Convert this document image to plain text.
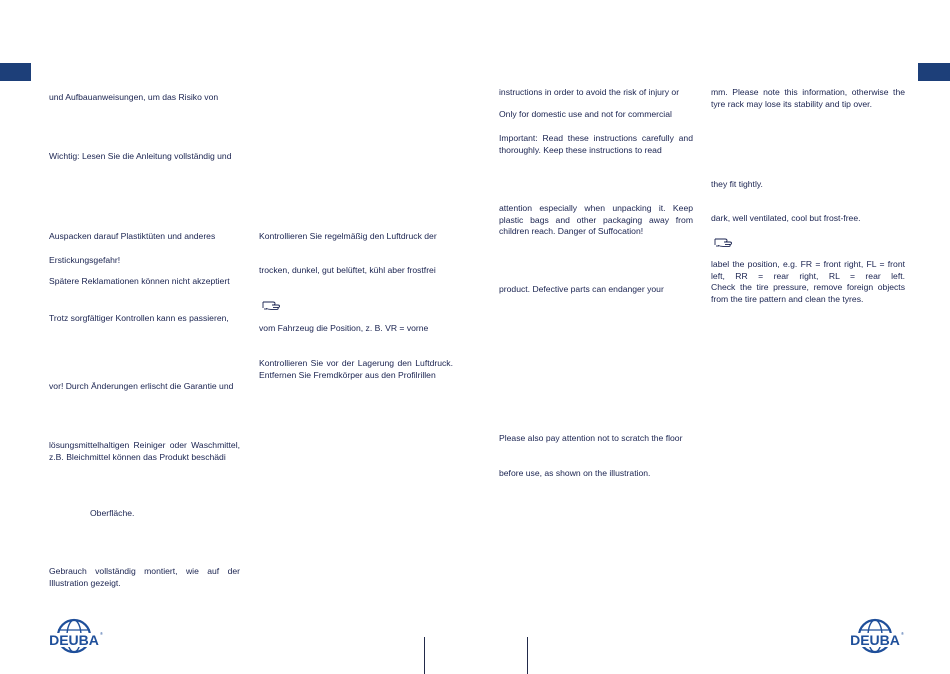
und Aufbauanweisungen, um das Risiko von
Wichtig: Lesen Sie die Anleitung vollständig und
Auspacken darauf Plastiktüten und anderes
Erstickungsgefahr!
Spätere Reklamationen können nicht akzeptiert
Trotz sorgfältiger Kontrollen kann es passieren,
vor! Durch Änderungen erlischt die Garantie und
lösungsmittelhaltigen Reiniger oder Waschmittel,
z.B. Bleichmittel können das Produkt beschädi
Oberfläche.
Gebrauch vollständig montiert, wie auf der
Illustration gezeigt.
Kontrollieren Sie regelmäßig den Luftdruck der
trocken, dunkel, gut belüftet, kühl aber frostfrei
vom Fahrzeug die Position, z. B. VR = vorne
Kontrollieren Sie vor der Lagerung den Luftdruck.
Entfernen Sie Fremdkörper aus den Profilrillen
instructions in order to avoid the risk of injury or
Only for domestic use and not for commercial
Important: Read these instructions carefully and
thoroughly. Keep these instructions to read
attention especially when unpacking it. Keep
plastic bags and other packaging away from
children reach. Danger of Suffocation!
product. Defective parts can endanger your
Please also pay attention not to scratch the floor
before use, as shown on the illustration.
mm. Please note this information, otherwise the
tyre rack may lose its stability and tip over.
they fit tightly.
dark, well ventilated, cool but frost-free.
label the position, e.g. FR = front right, FL = front
left, RR = rear right, RL = rear left.
Check the tire pressure, remove foreign objects
from the tire pattern and clean the tyres.
DEUBA ®	DEUBA ®
